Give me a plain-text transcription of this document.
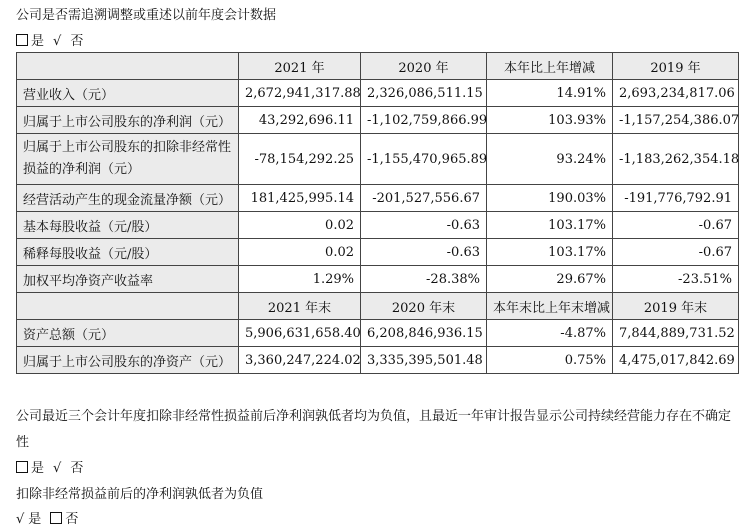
公司是否需追溯调整或重述以前年度会计数据
是 √ 否
	2021 年	2020 年	本年比上年增减	2019 年
营业收入（元）	2,672,941,317.88	2,326,086,511.15	14.91%	2,693,234,817.06
归属于上市公司股东的净利润（元）	43,292,696.11	-1,102,759,866.99	103.93%	-1,157,254,386.07
归属于上市公司股东的扣除非经常性损益的净利润（元）	-78,154,292.25	-1,155,470,965.89	93.24%	-1,183,262,354.18
经营活动产生的现金流量净额（元）	181,425,995.14	-201,527,556.67	190.03%	-191,776,792.91
基本每股收益（元/股）	0.02	-0.63	103.17%	-0.67
稀释每股收益（元/股）	0.02	-0.63	103.17%	-0.67
加权平均净资产收益率	1.29%	-28.38%	29.67%	-23.51%
	2021 年末	2020 年末	本年末比上年末增减	2019 年末
资产总额（元）	5,906,631,658.40	6,208,846,936.15	-4.87%	7,844,889,731.52
归属于上市公司股东的净资产（元）	3,360,247,224.02	3,335,395,501.48	0.75%	4,475,017,842.69
公司最近三个会计年度扣除非经常性损益前后净利润孰低者均为负值，且最近一年审计报告显示公司持续经营能力存在不确定性
是 √ 否
扣除非经常损益前后的净利润孰低者为负值
√ 是 否
